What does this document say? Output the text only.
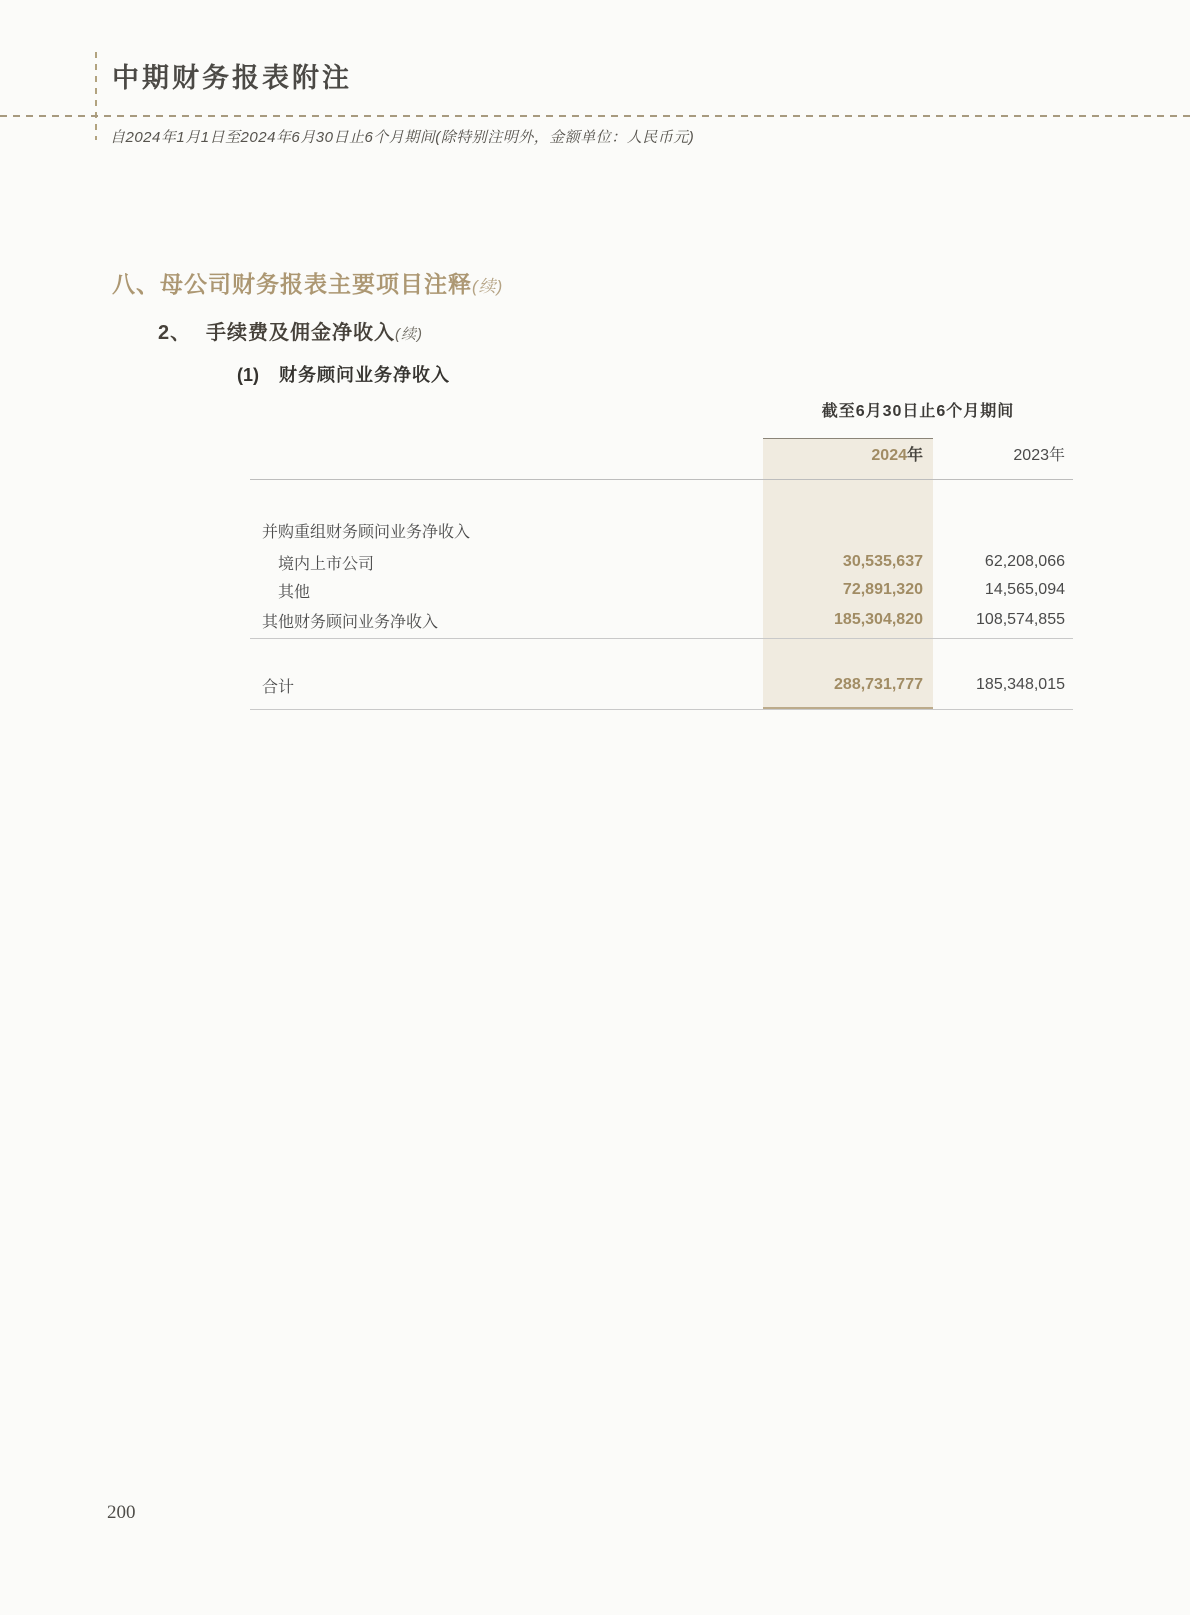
中期财务报表附注
自2024年1月1日至2024年6月30日止6个月期间(除特别注明外，金额单位：人民币元)
八、母公司财务报表主要项目注释(续)
2、 手续费及佣金净收入(续)
(1) 财务顾问业务净收入
截至6月30日止6个月期间
2024年	2023年
并购重组财务顾问业务净收入
境内上市公司	30,535,637	62,208,066
其他	72,891,320	14,565,094
其他财务顾问业务净收入	185,304,820	108,574,855
合计	288,731,777	185,348,015
200
